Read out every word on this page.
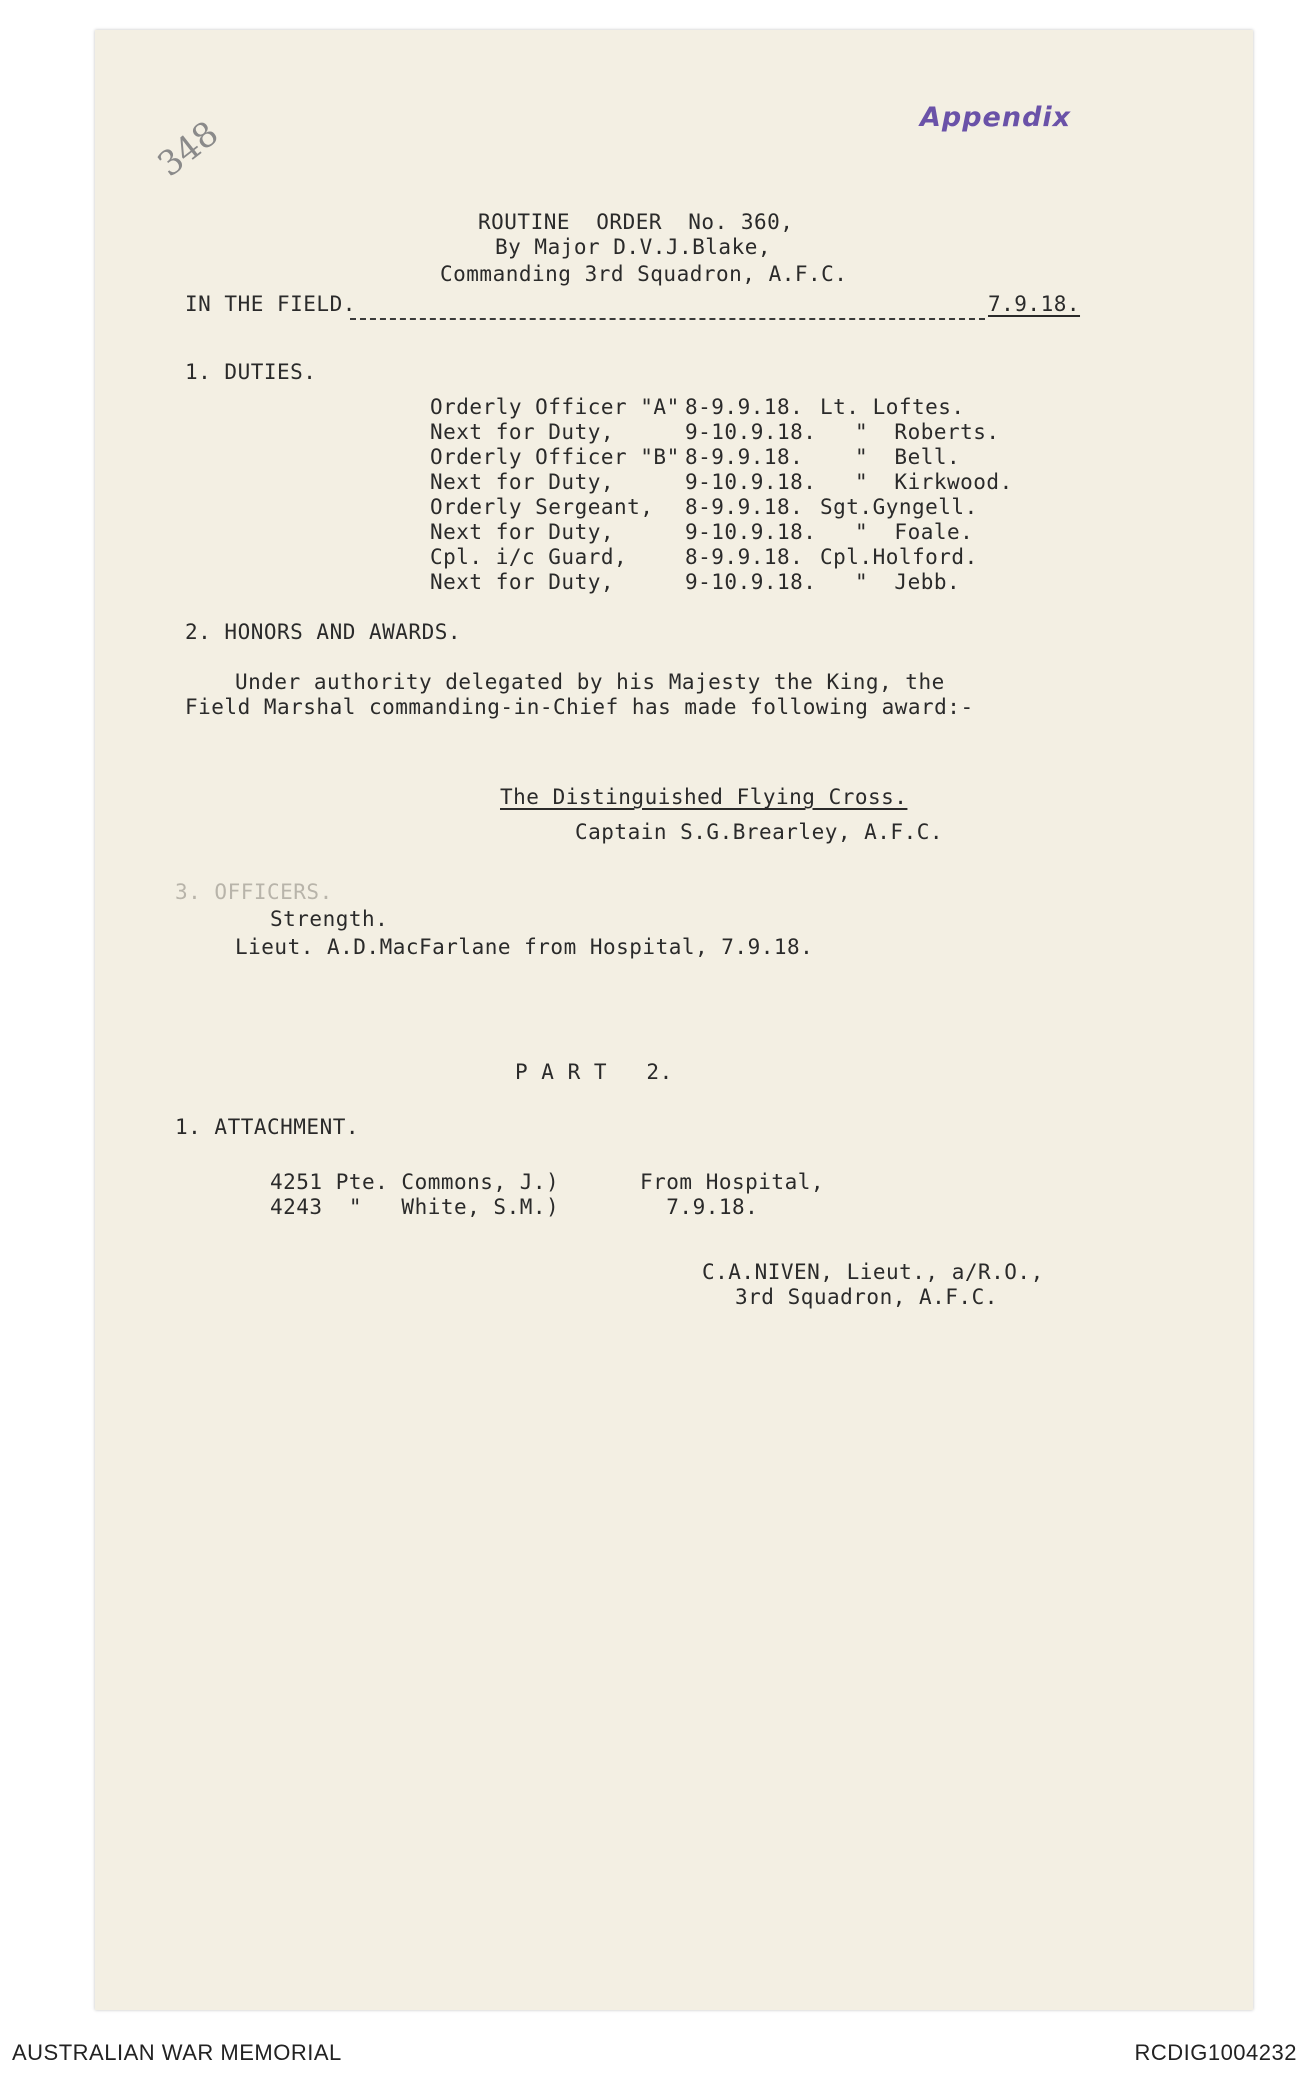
348	Appendix
ROUTINE  ORDER  No. 360,
By Major D.V.J.Blake,
Commanding 3rd Squadron, A.F.C.
IN THE FIELD.	7.9.18.
1. DUTIES.
Orderly Officer "A" 8-9.9.18. Lt. Loftes.
Next for Duty,	9-10.9.18. "  Roberts.
Orderly Officer "B" 8-9.9.18. "  Bell.
Next for Duty,	9-10.9.18. "  Kirkwood.
Orderly Sergeant, 8-9.9.18. Sgt.Gyngell.
Next for Duty,	9-10.9.18. "  Foale.
Cpl. i/c Guard,	8-9.9.18. Cpl.Holford.
Next for Duty,	9-10.9.18. "  Jebb.
2. HONORS AND AWARDS.
Under authority delegated by his Majesty the King, the
Field Marshal commanding-in-Chief has made following award:-
The Distinguished Flying Cross.
Captain S.G.Brearley, A.F.C.
3. OFFICERS.
Strength.
Lieut. A.D.MacFarlane from Hospital, 7.9.18.
P A R T   2.
1. ATTACHMENT.
4251 Pte. Commons, J.)	From Hospital,
4243  "   White, S.M.)	7.9.18.
C.A.NIVEN, Lieut., a/R.O.,
3rd Squadron, A.F.C.
AUSTRALIAN WAR MEMORIAL	RCDIG1004232
